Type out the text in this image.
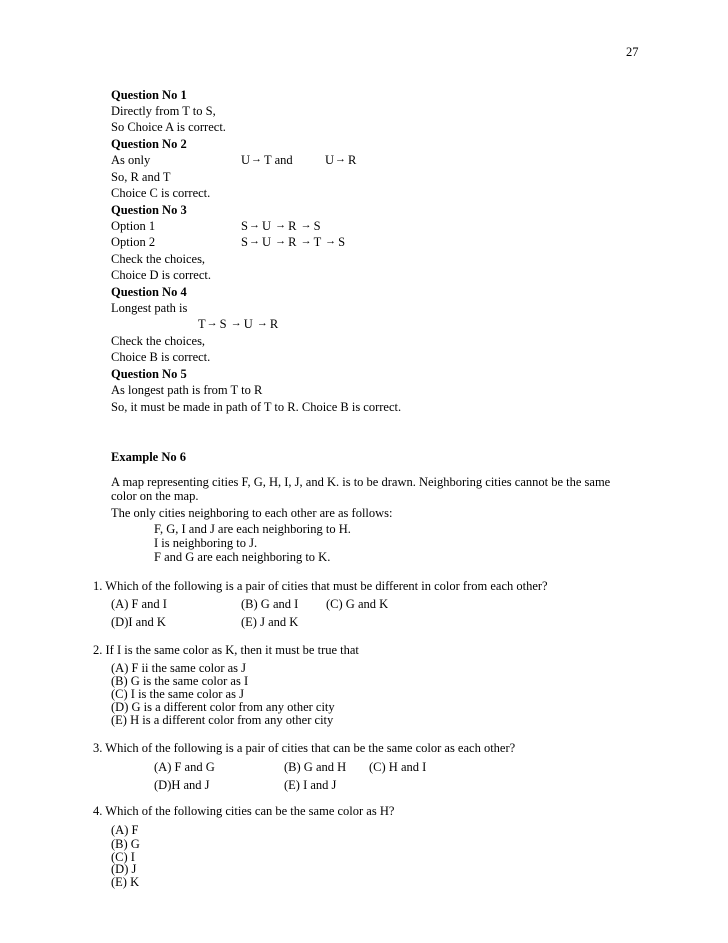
27
Question No 1
Directly from T to S,
So Choice A is correct.
Question No 2
As only	U→ T and	U→ R
So, R and T
Choice C is correct.
Question No 3
Option 1	S→ U → R → S
Option 2	S→ U → R → T → S
Check the choices,
Choice D is correct.
Question No 4
Longest path is
T→ S → U → R
Check the choices,
Choice B is correct.
Question No 5
As longest path is from T to R
So, it must be made in path of T to R. Choice B is correct.
Example No 6
A map representing cities F, G, H, I, J, and K. is to be drawn. Neighboring cities cannot be the same
color on the map.
The only cities neighboring to each other are as follows:
F, G, I and J are each neighboring to H.
I is neighboring to J.
F and G are each neighboring to K.
1. Which of the following is a pair of cities that must be different in color from each other?
(A) F and I	(B) G and I (C) G and K
(D)I and K	(E) J and K
2. If I is the same color as K, then it must be true that
(A) F ii the same color as J
(B) G is the same color as I
(C) I is the same color as J
(D) G is a different color from any other city
(E) H is a different color from any other city
3. Which of the following is a pair of cities that can be the same color as each other?
(A) F and G	(B) G and H (C) H and I
(D)H and J	(E) I and J
4. Which of the following cities can be the same color as H?
(A) F
(B) G
(C) I
(D) J
(E) K
